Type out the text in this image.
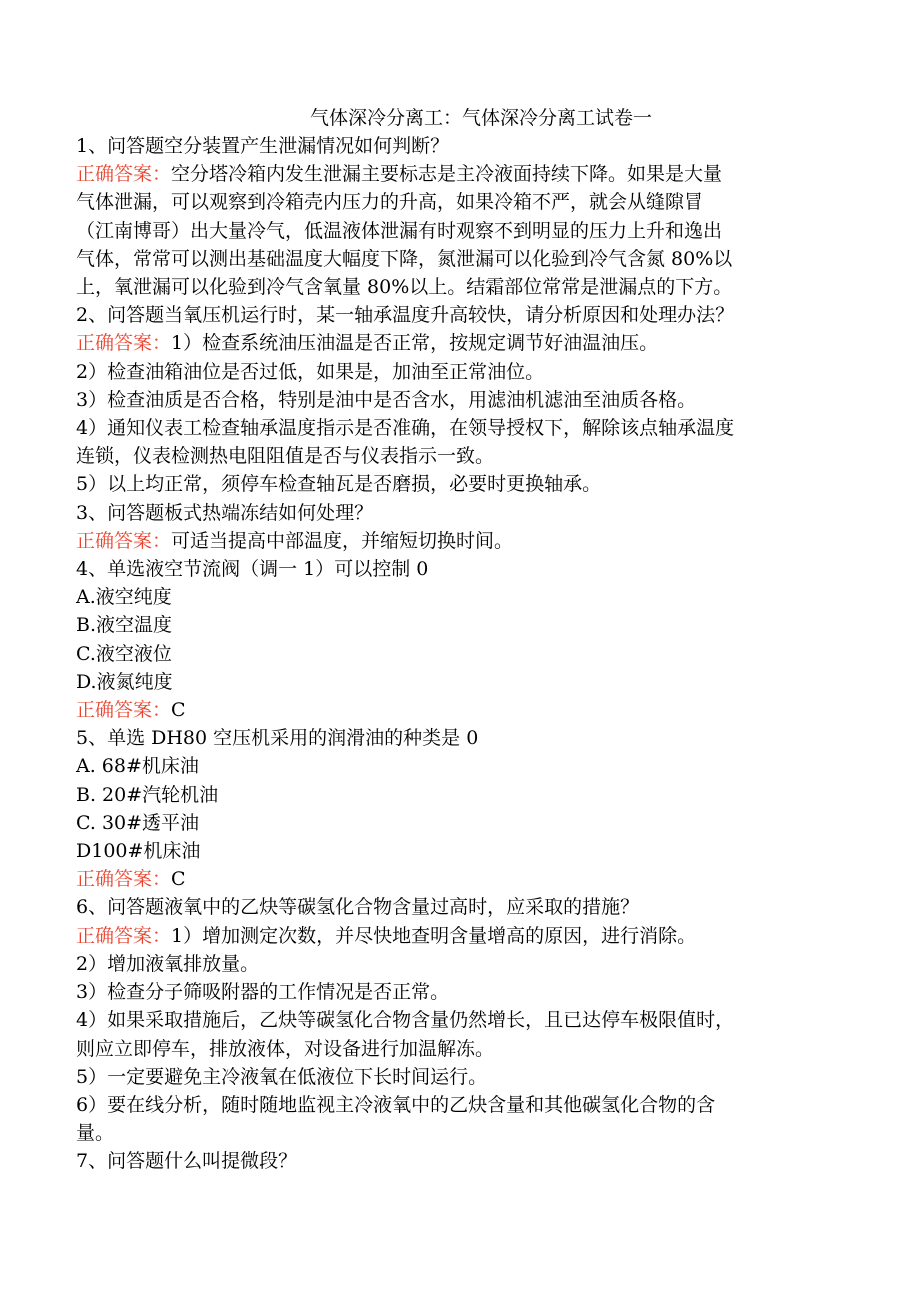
气体深冷分离工：气体深冷分离工试卷一
1、问答题空分装置产生泄漏情况如何判断？
正确答案：空分塔冷箱内发生泄漏主要标志是主冷液面持续下降。如果是大量
气体泄漏，可以观察到冷箱壳内压力的升高，如果冷箱不严，就会从缝隙冒
（江南博哥）出大量冷气，低温液体泄漏有时观察不到明显的压力上升和逸出
气体，常常可以测出基础温度大幅度下降，氮泄漏可以化验到冷气含氮 80%以
上，氧泄漏可以化验到冷气含氧量 80%以上。结霜部位常常是泄漏点的下方。
2、问答题当氧压机运行时，某一轴承温度升高较快，请分析原因和处理办法？
正确答案：1）检查系统油压油温是否正常，按规定调节好油温油压。
2）检查油箱油位是否过低，如果是，加油至正常油位。
3）检查油质是否合格，特别是油中是否含水，用滤油机滤油至油质各格。
4）通知仪表工检查轴承温度指示是否准确，在领导授权下，解除该点轴承温度
连锁，仪表检测热电阻阻值是否与仪表指示一致。
5）以上均正常，须停车检查轴瓦是否磨损，必要时更换轴承。
3、问答题板式热端冻结如何处理？
正确答案：可适当提高中部温度，并缩短切换时间。
4、单选液空节流阀（调一 1）可以控制 0
A.液空纯度
B.液空温度
C.液空液位
D.液氮纯度
正确答案：C
5、单选 DH80 空压机采用的润滑油的种类是 0
A. 68#机床油
B. 20#汽轮机油
C. 30#透平油
D100#机床油
正确答案：C
6、问答题液氧中的乙炔等碳氢化合物含量过高时，应采取的措施？
正确答案：1）增加测定次数，并尽快地查明含量增高的原因，进行消除。
2）增加液氧排放量。
3）检查分子筛吸附器的工作情况是否正常。
4）如果采取措施后，乙炔等碳氢化合物含量仍然增长，且已达停车极限值时，
则应立即停车，排放液体，对设备进行加温解冻。
5）一定要避免主冷液氧在低液位下长时间运行。
6）要在线分析，随时随地监视主冷液氧中的乙炔含量和其他碳氢化合物的含
量。
7、问答题什么叫提微段？
